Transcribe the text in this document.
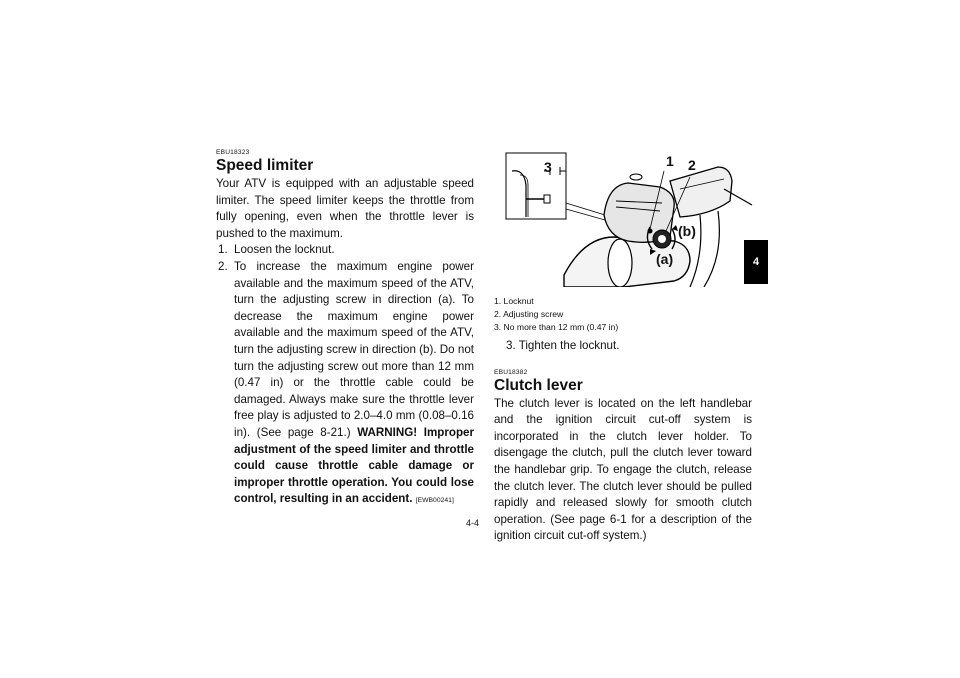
EBU18323
Speed limiter

Your ATV is equipped with an adjustable speed limiter. The speed limiter keeps the throttle from fully opening, even when the throttle lever is pushed to the maximum.

1. Loosen the locknut.
2. To increase the maximum engine power available and the maximum speed of the ATV, turn the adjusting screw in direction (a). To decrease the maximum engine power available and the maximum speed of the ATV, turn the adjusting screw in direction (b). Do not turn the adjusting screw out more than 12 mm (0.47 in) or the throttle cable could be damaged. Always make sure the throttle lever free play is adjusted to 2.0–4.0 mm (0.08–0.16 in). (See page 8-21.) WARNING! Improper adjustment of the speed limiter and throttle could cause throttle cable damage or improper throttle operation. You could lose control, resulting in an accident. [EWB00241]
3	1 2
(b)
(a)
1. Locknut
2. Adjusting screw
3. No more than 12 mm (0.47 in)
3. Tighten the locknut.
EBU18382
Clutch lever

The clutch lever is located on the left handlebar and the ignition circuit cut-off system is incorporated in the clutch lever holder. To disengage the clutch, pull the clutch lever toward the handlebar grip. To engage the clutch, release the clutch lever. The clutch lever should be pulled rapidly and released slowly for smooth clutch operation. (See page 6-1 for a description of the ignition circuit cut-off system.)

4
4-4
